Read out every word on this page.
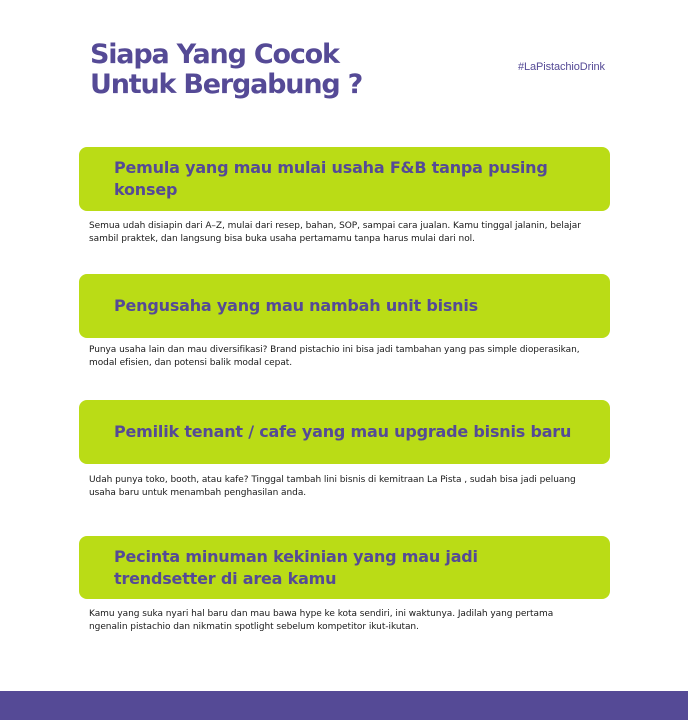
Siapa Yang Cocok
Untuk Bergabung ?
#LaPistachioDrink
Pemula yang mau mulai usaha F&B tanpa pusing konsep
Semua udah disiapin dari A–Z, mulai dari resep, bahan, SOP, sampai cara jualan. Kamu tinggal jalanin, belajar sambil praktek, dan langsung bisa buka usaha pertamamu tanpa harus mulai dari nol.
Pengusaha yang mau nambah unit bisnis
Punya usaha lain dan mau diversifikasi? Brand pistachio ini bisa jadi tambahan yang pas simple dioperasikan, modal efisien, dan potensi balik modal cepat.
Pemilik tenant / cafe yang mau upgrade bisnis baru
Udah punya toko, booth, atau kafe? Tinggal tambah lini bisnis di kemitraan La Pista , sudah bisa jadi peluang usaha baru untuk menambah penghasilan anda.
Pecinta minuman kekinian yang mau jadi trendsetter di area kamu
Kamu yang suka nyari hal baru dan mau bawa hype ke kota sendiri, ini waktunya. Jadilah yang pertama ngenalin pistachio dan nikmatin spotlight sebelum kompetitor ikut-ikutan.
